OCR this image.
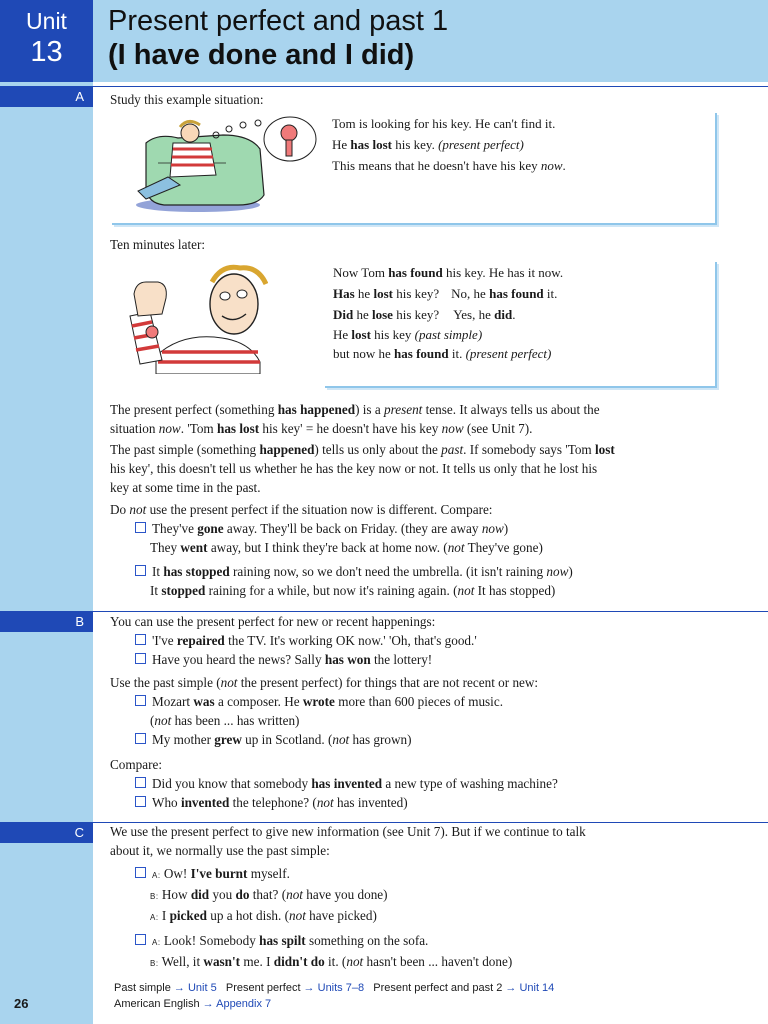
Unit
13
Present perfect and past 1
(I have done and I did)
A	Study this example situation:

Tom is looking for his key. He can't find it.

He has lost his key. (present perfect)

This means that he doesn't have his key now.

Ten minutes later:

Now Tom has found his key. He has it now.

Has he lost his key? No, he has found it.

Did he lose his key? Yes, he did.

He lost his key (past simple)

but now he has found it. (present perfect)

The present perfect (something has happened) is a present tense. It always tells us about the
situation now. 'Tom has lost his key' = he doesn't have his key now (see Unit 7).
The past simple (something happened) tells us only about the past. If somebody says 'Tom lost
his key', this doesn't tell us whether he has the key now or not. It tells us only that he lost his
key at some time in the past.
Do not use the present perfect if the situation now is different. Compare:
They've gone away. They'll be back on Friday. (they are away now)
They went away, but I think they're back at home now. (not They've gone)
It has stopped raining now, so we don't need the umbrella. (it isn't raining now)
It stopped raining for a while, but now it's raining again. (not It has stopped)
B	You can use the present perfect for new or recent happenings:
'I've repaired the TV. It's working OK now.' 'Oh, that's good.'
Have you heard the news? Sally has won the lottery!
Use the past simple (not the present perfect) for things that are not recent or new:
Mozart was a composer. He wrote more than 600 pieces of music.
(not has been ... has written)
My mother grew up in Scotland. (not has grown)
Compare:
Did you know that somebody has invented a new type of washing machine?
Who invented the telephone? (not has invented)
C	We use the present perfect to give new information (see Unit 7). But if we continue to talk
about it, we normally use the past simple:
A: Ow! I've burnt myself.
B: How did you do that? (not have you done)
A: I picked up a hot dish. (not have picked)
A: Look! Somebody has spilt something on the sofa.
B: Well, it wasn't me. I didn't do it. (not hasn't been ... haven't done)
Past simple → Unit 5 Present perfect → Units 7–8 Present perfect and past 2 → Unit 14
American English → Appendix 7
26
